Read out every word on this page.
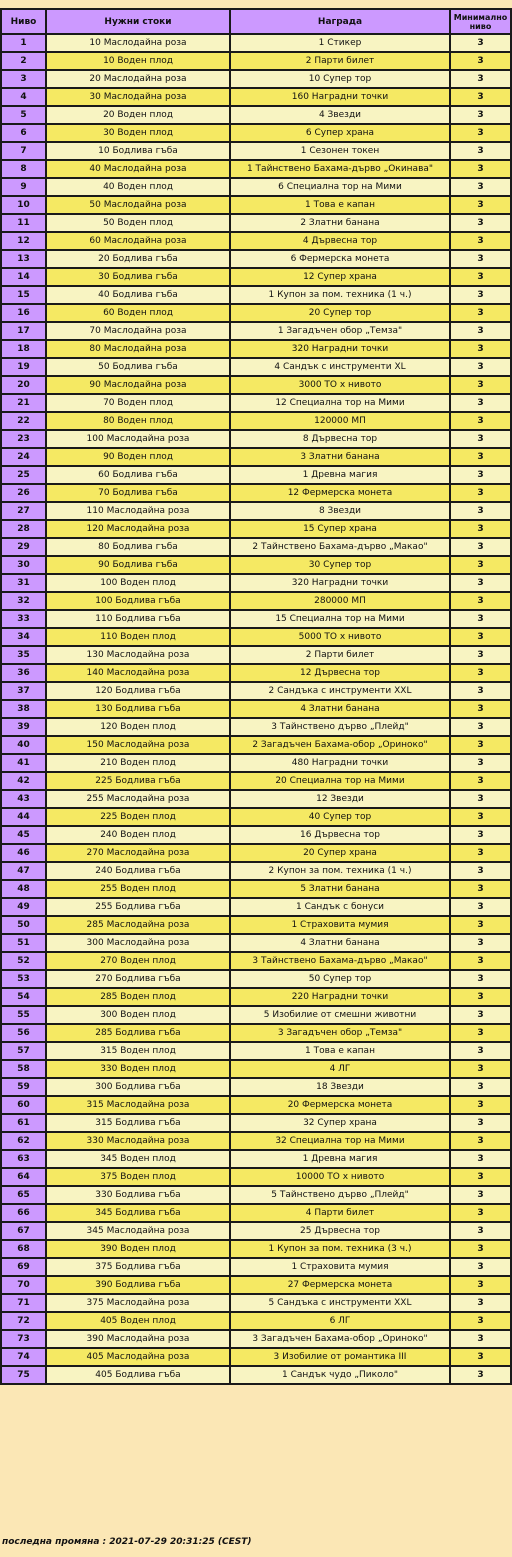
Ниво	Нужни стоки	Награда	Минимално ниво
1	10 Маслодайна роза	1 Стикер	3
2	10 Воден плод	2 Парти билет	3
3	20 Маслодайна роза	10 Супер тор	3
4	30 Маслодайна роза	160 Наградни точки	3
5	20 Воден плод	4 Звезди	3
6	30 Воден плод	6 Супер храна	3
7	10 Бодлива гъба	1 Сезонен токен	3
8	40 Маслодайна роза	1 Тайнствено Бахама-дърво „Окинава"	3
9	40 Воден плод	6 Специална тор на Мими	3
10	50 Маслодайна роза	1 Това е капан	3
11	50 Воден плод	2 Златни банана	3
12	60 Маслодайна роза	4 Дървесна тор	3
13	20 Бодлива гъба	6 Фермерска монета	3
14	30 Бодлива гъба	12 Супер храна	3
15	40 Бодлива гъба	1 Купон за пом. техника (1 ч.)	3
16	60 Воден плод	20 Супер тор	3
17	70 Маслодайна роза	1 Загадъчен обор „Темза"	3
18	80 Маслодайна роза	320 Наградни точки	3
19	50 Бодлива гъба	4 Сандък с инструменти XL	3
20	90 Маслодайна роза	3000 ТО х нивото	3
21	70 Воден плод	12 Специална тор на Мими	3
22	80 Воден плод	120000 МП	3
23	100 Маслодайна роза	8 Дървесна тор	3
24	90 Воден плод	3 Златни банана	3
25	60 Бодлива гъба	1 Древна магия	3
26	70 Бодлива гъба	12 Фермерска монета	3
27	110 Маслодайна роза	8 Звезди	3
28	120 Маслодайна роза	15 Супер храна	3
29	80 Бодлива гъба	2 Тайнствено Бахама-дърво „Макао"	3
30	90 Бодлива гъба	30 Супер тор	3
31	100 Воден плод	320 Наградни точки	3
32	100 Бодлива гъба	280000 МП	3
33	110 Бодлива гъба	15 Специална тор на Мими	3
34	110 Воден плод	5000 ТО х нивото	3
35	130 Маслодайна роза	2 Парти билет	3
36	140 Маслодайна роза	12 Дървесна тор	3
37	120 Бодлива гъба	2 Сандъка с инструменти XXL	3
38	130 Бодлива гъба	4 Златни банана	3
39	120 Воден плод	3 Тайнствено дърво „Плейд"	3
40	150 Маслодайна роза	2 Загадъчен Бахама-обор „Ориноко"	3
41	210 Воден плод	480 Наградни точки	3
42	225 Бодлива гъба	20 Специална тор на Мими	3
43	255 Маслодайна роза	12 Звезди	3
44	225 Воден плод	40 Супер тор	3
45	240 Воден плод	16 Дървесна тор	3
46	270 Маслодайна роза	20 Супер храна	3
47	240 Бодлива гъба	2 Купон за пом. техника (1 ч.)	3
48	255 Воден плод	5 Златни банана	3
49	255 Бодлива гъба	1 Сандък с бонуси	3
50	285 Маслодайна роза	1 Страховита мумия	3
51	300 Маслодайна роза	4 Златни банана	3
52	270 Воден плод	3 Тайнствено Бахама-дърво „Макао"	3
53	270 Бодлива гъба	50 Супер тор	3
54	285 Воден плод	220 Наградни точки	3
55	300 Воден плод	5 Изобилие от смешни животни	3
56	285 Бодлива гъба	3 Загадъчен обор „Темза"	3
57	315 Воден плод	1 Това е капан	3
58	330 Воден плод	4 ЛГ	3
59	300 Бодлива гъба	18 Звезди	3
60	315 Маслодайна роза	20 Фермерска монета	3
61	315 Бодлива гъба	32 Супер храна	3
62	330 Маслодайна роза	32 Специална тор на Мими	3
63	345 Воден плод	1 Древна магия	3
64	375 Воден плод	10000 ТО х нивото	3
65	330 Бодлива гъба	5 Тайнствено дърво „Плейд"	3
66	345 Бодлива гъба	4 Парти билет	3
67	345 Маслодайна роза	25 Дървесна тор	3
68	390 Воден плод	1 Купон за пом. техника (3 ч.)	3
69	375 Бодлива гъба	1 Страховита мумия	3
70	390 Бодлива гъба	27 Фермерска монета	3
71	375 Маслодайна роза	5 Сандъка с инструменти XXL	3
72	405 Воден плод	6 ЛГ	3
73	390 Маслодайна роза	3 Загадъчен Бахама-обор „Ориноко"	3
74	405 Маслодайна роза	3 Изобилие от романтика III	3
75	405 Бодлива гъба	1 Сандък чудо „Пиколо"	3
последна промяна : 2021-07-29 20:31:25 (CEST)
